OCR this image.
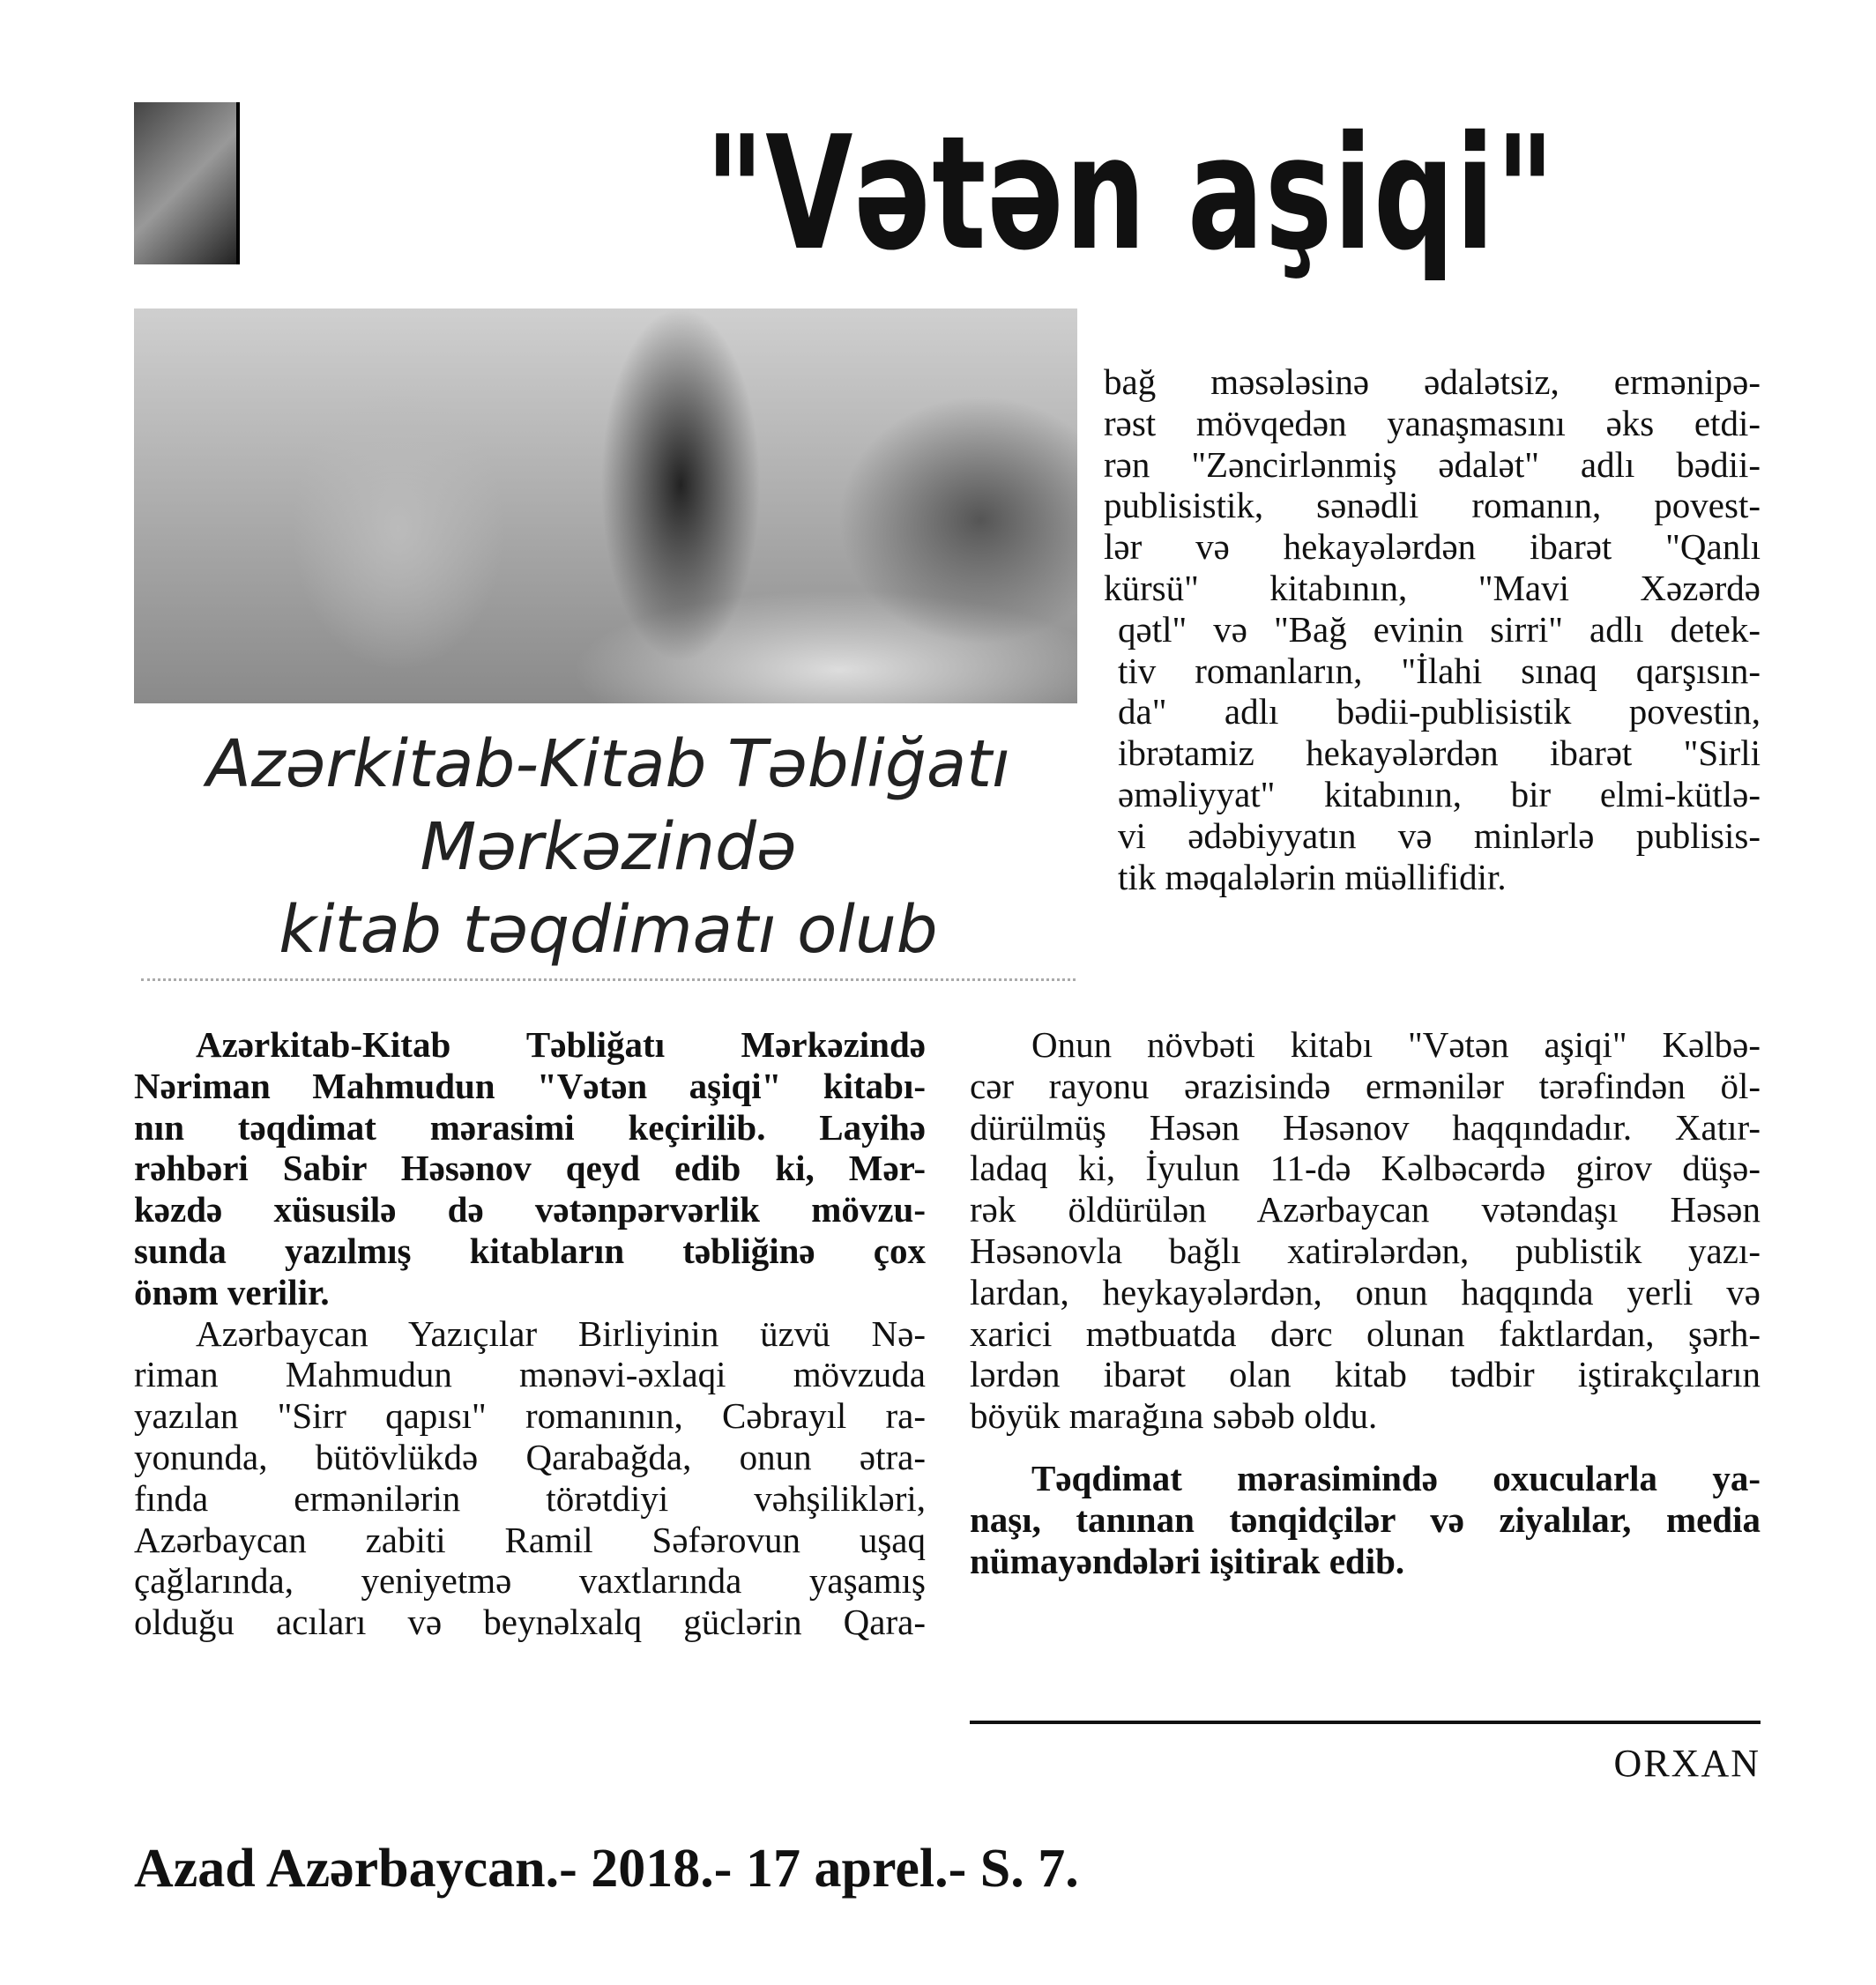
"Vətən aşiqi"
Azərkitab-Kitab Təbliğatı
Mərkəzində
kitab təqdimatı olub
bağ məsələsinə ədalətsiz, ermənipə-
rəst mövqedən yanaşmasını əks etdi-
rən "Zəncirlənmiş ədalət" adlı bədii-
publisistik, sənədli romanın, povest-
lər və hekayələrdən ibarət "Qanlı
kürsü" kitabının, "Mavi Xəzərdə
qətl" və "Bağ evinin sirri" adlı detek-
tiv romanların, "İlahi sınaq qarşısın-
da" adlı bədii-publisistik povestin,
ibrətamiz hekayələrdən ibarət "Sirli
əməliyyat" kitabının, bir elmi-kütlə-
vi ədəbiyyatın və minlərlə publisis-
tik məqalələrin müəllifidir.
Azərkitab-Kitab Təbliğatı Mərkəzində
Nəriman Mahmudun "Vətən aşiqi" kitabı-
nın təqdimat mərasimi keçirilib. Layihə
rəhbəri Sabir Həsənov qeyd edib ki, Mər-
kəzdə xüsusilə də vətənpərvərlik mövzu-
sunda yazılmış kitabların təbliğinə çox
önəm verilir.
Azərbaycan Yazıçılar Birliyinin üzvü Nə-
riman Mahmudun mənəvi-əxlaqi mövzuda
yazılan "Sirr qapısı" romanının, Cəbrayıl ra-
yonunda, bütövlükdə Qarabağda, onun ətra-
fında ermənilərin törətdiyi vəhşilikləri,
Azərbaycan zabiti Ramil Səfərovun uşaq
çağlarında, yeniyetmə vaxtlarında yaşamış
olduğu acıları və beynəlxalq güclərin Qara-
Onun növbəti kitabı "Vətən aşiqi" Kəlbə-
cər rayonu ərazisində ermənilər tərəfindən öl-
dürülmüş Həsən Həsənov haqqındadır. Xatır-
ladaq ki, İyulun 11-də Kəlbəcərdə girov düşə-
rək öldürülən Azərbaycan vətəndaşı Həsən
Həsənovla bağlı xatirələrdən, publistik yazı-
lardan, heykayələrdən, onun haqqında yerli və
xarici mətbuatda dərc olunan faktlardan, şərh-
lərdən ibarət olan kitab tədbir iştirakçıların
böyük marağına səbəb oldu.
Təqdimat mərasimində oxucularla ya-
naşı, tanınan tənqidçilər və ziyalılar, media
nümayəndələri işitirak edib.
ORXAN
Azad Azərbaycan.- 2018.- 17 aprel.- S. 7.
